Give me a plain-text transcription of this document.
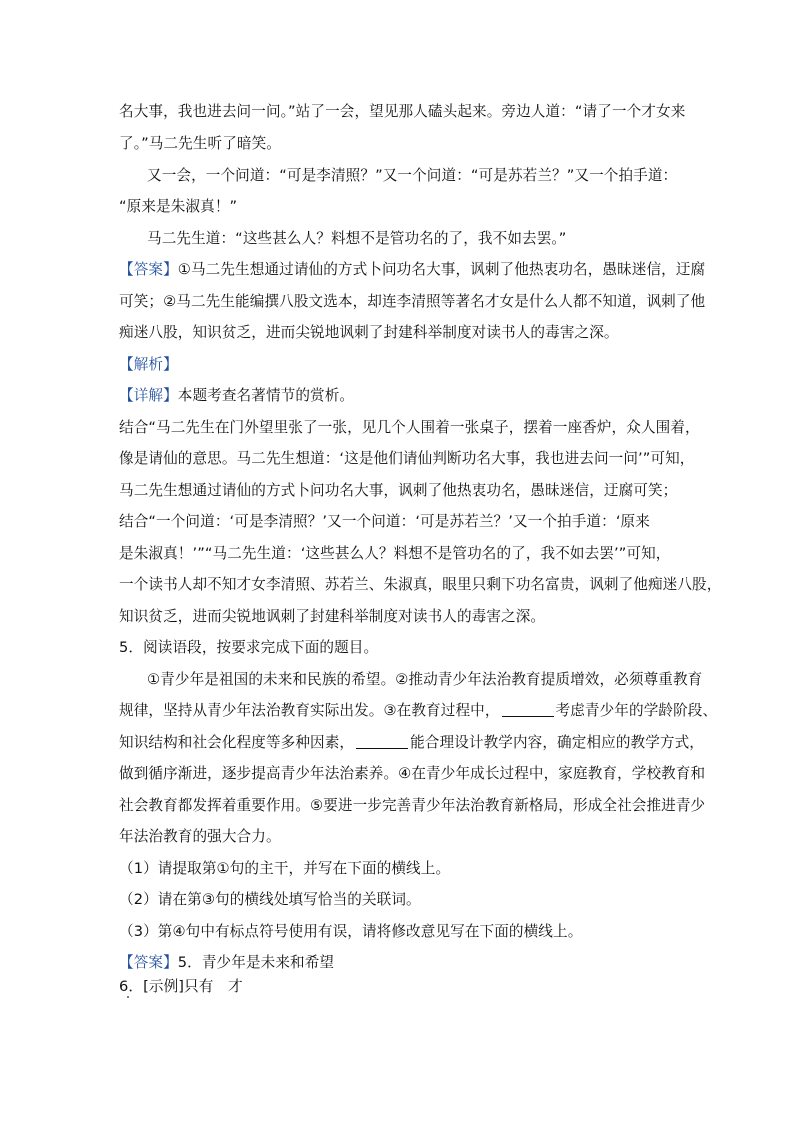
名大事，我也进去问一问。”站了一会，望见那人磕头起来。旁边人道：“请了一个才女来
了。”马二先生听了暗笑。
又一会，一个问道：“可是李清照？”又一个问道：“可是苏若兰？”又一个拍手道：
“原来是朱淑真！”
马二先生道：“这些甚么人？料想不是管功名的了，我不如去罢。”
【答案】①马二先生想通过请仙的方式卜问功名大事，讽刺了他热衷功名，愚昧迷信，迂腐
可笑；②马二先生能编撰八股文选本，却连李清照等著名才女是什么人都不知道，讽刺了他
痴迷八股，知识贫乏，进而尖锐地讽刺了封建科举制度对读书人的毒害之深。
【解析】
【详解】本题考查名著情节的赏析。
结合“马二先生在门外望里张了一张，见几个人围着一张桌子，摆着一座香炉，众人围着，
像是请仙的意思。马二先生想道：‘这是他们请仙判断功名大事，我也进去问一问’”可知，
马二先生想通过请仙的方式卜问功名大事，讽刺了他热衷功名，愚昧迷信，迂腐可笑；
结合“一个问道：‘可是李清照？’又一个问道：‘可是苏若兰？’又一个拍手道：‘原来
是朱淑真！’”“马二先生道：‘这些甚么人？料想不是管功名的了，我不如去罢’”可知，
一个读书人却不知才女李清照、苏若兰、朱淑真，眼里只剩下功名富贵，讽刺了他痴迷八股，
知识贫乏，进而尖锐地讽刺了封建科举制度对读书人的毒害之深。
5．阅读语段，按要求完成下面的题目。
①青少年是祖国的未来和民族的希望。②推动青少年法治教育提质增效，必须尊重教育
规律，坚持从青少年法治教育实际出发。③在教育过程中，	考虑青少年的学龄阶段、
知识结构和社会化程度等多种因素，	能合理设计教学内容，确定相应的教学方式，
做到循序渐进，逐步提高青少年法治素养。④在青少年成长过程中，家庭教育，学校教育和
社会教育都发挥着重要作用。⑤要进一步完善青少年法治教育新格局，形成全社会推进青少
年法治教育的强大合力。
（1）请提取第①句的主干，并写在下面的横线上。
（2）请在第③句的横线处填写恰当的关联词。
（3）第④句中有标点符号使用有误，请将修改意见写在下面的横线上。
【答案】5．青少年是未来和希望
6．[示例]只有　才
